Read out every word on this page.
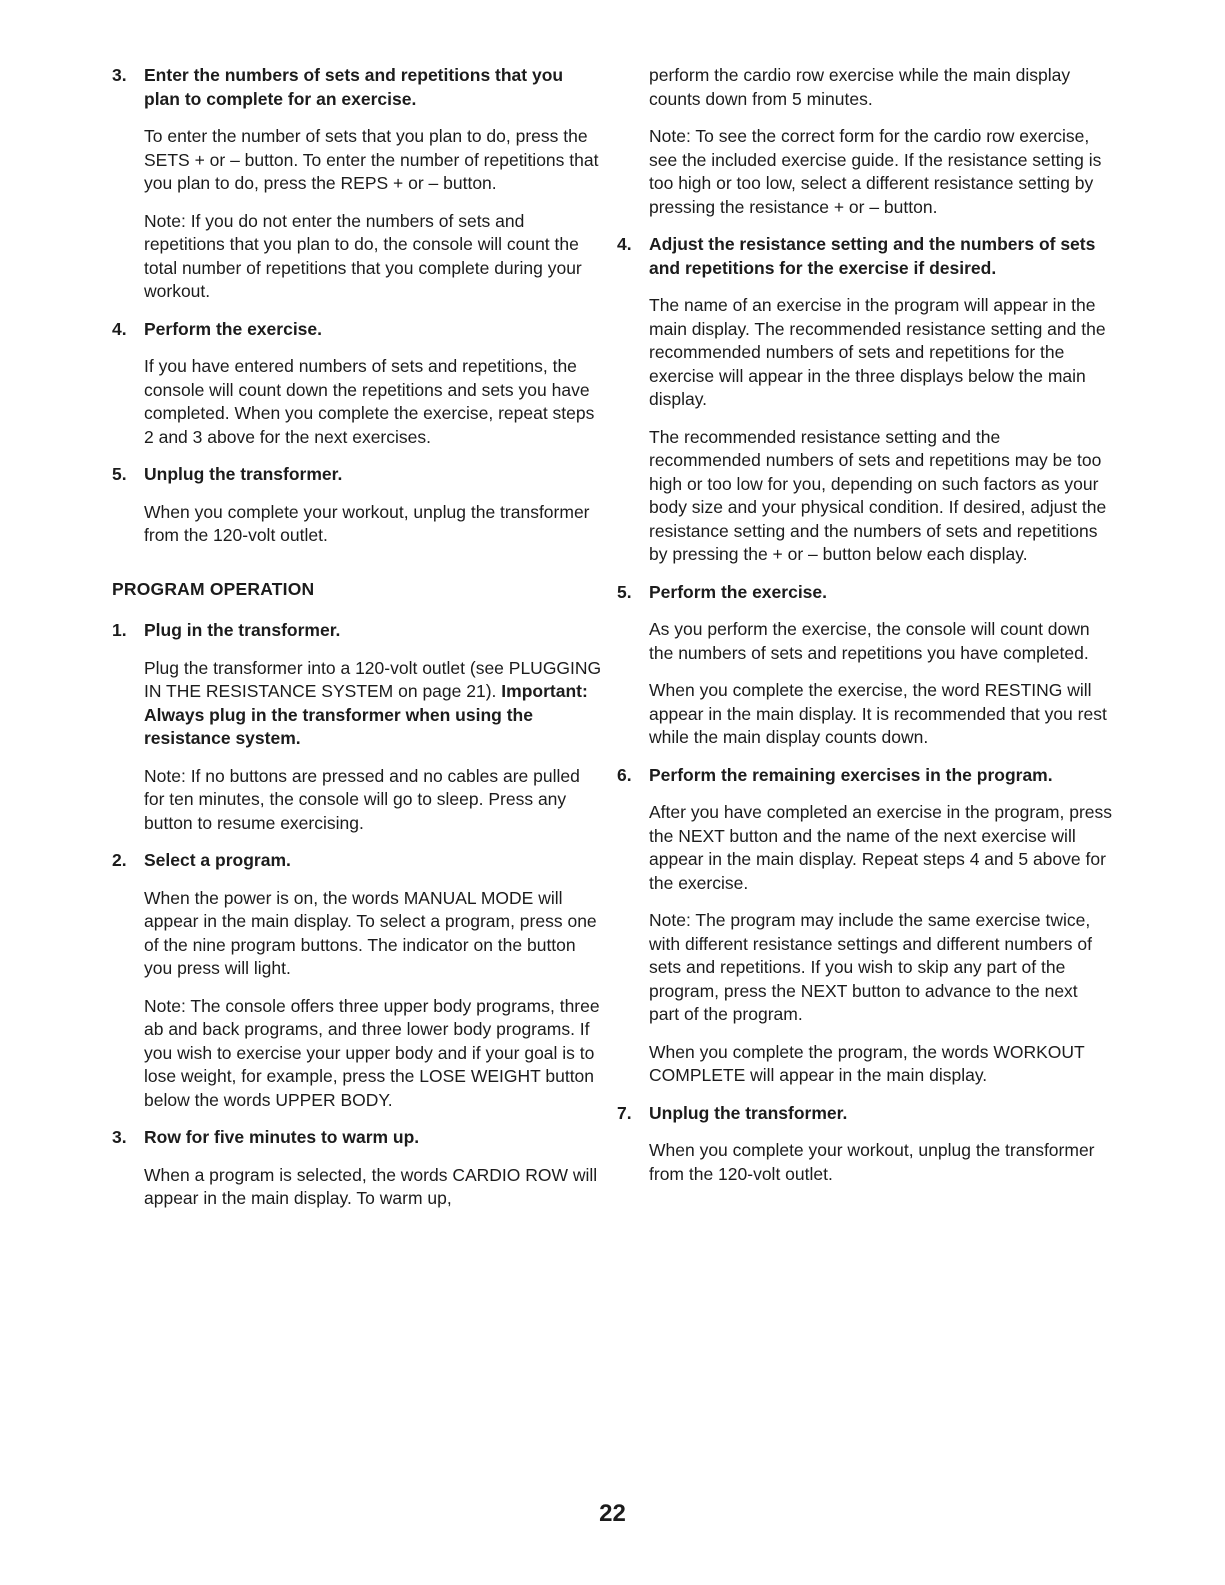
3. Enter the numbers of sets and repetitions that you plan to complete for an exercise.

To enter the number of sets that you plan to do, press the SETS + or – button. To enter the number of repetitions that you plan to do, press the REPS + or – button.

Note: If you do not enter the numbers of sets and repetitions that you plan to do, the console will count the total number of repetitions that you complete during your workout.

4. Perform the exercise.

If you have entered numbers of sets and repetitions, the console will count down the repetitions and sets you have completed. When you complete the exercise, repeat steps 2 and 3 above for the next exercises.

5. Unplug the transformer.

When you complete your workout, unplug the transformer from the 120-volt outlet.

PROGRAM OPERATION
1. Plug in the transformer.

Plug the transformer into a 120-volt outlet (see PLUGGING IN THE RESISTANCE SYSTEM on page 21). Important: Always plug in the transformer when using the resistance system.

Note: If no buttons are pressed and no cables are pulled for ten minutes, the console will go to sleep. Press any button to resume exercising.

2. Select a program.

When the power is on, the words MANUAL MODE will appear in the main display. To select a program, press one of the nine program buttons. The indicator on the button you press will light.

Note: The console offers three upper body programs, three ab and back programs, and three lower body programs. If you wish to exercise your upper body and if your goal is to lose weight, for example, press the LOSE WEIGHT button below the words UPPER BODY.

3. Row for five minutes to warm up.

When a program is selected, the words CARDIO ROW will appear in the main display. To warm up,

perform the cardio row exercise while the main display counts down from 5 minutes.

Note: To see the correct form for the cardio row exercise, see the included exercise guide. If the resistance setting is too high or too low, select a different resistance setting by pressing the resistance + or – button.

4. Adjust the resistance setting and the numbers of sets and repetitions for the exercise if desired.

The name of an exercise in the program will appear in the main display. The recommended resistance setting and the recommended numbers of sets and repetitions for the exercise will appear in the three displays below the main display.

The recommended resistance setting and the recommended numbers of sets and repetitions may be too high or too low for you, depending on such factors as your body size and your physical condition. If desired, adjust the resistance setting and the numbers of sets and repetitions by pressing the + or – button below each display.

5. Perform the exercise.

As you perform the exercise, the console will count down the numbers of sets and repetitions you have completed.

When you complete the exercise, the word RESTING will appear in the main display. It is recommended that you rest while the main display counts down.

6. Perform the remaining exercises in the program.

After you have completed an exercise in the program, press the NEXT button and the name of the next exercise will appear in the main display. Repeat steps 4 and 5 above for the exercise.

Note: The program may include the same exercise twice, with different resistance settings and different numbers of sets and repetitions. If you wish to skip any part of the program, press the NEXT button to advance to the next part of the program.

When you complete the program, the words WORKOUT COMPLETE will appear in the main display.

7. Unplug the transformer.

When you complete your workout, unplug the transformer from the 120-volt outlet.

22
